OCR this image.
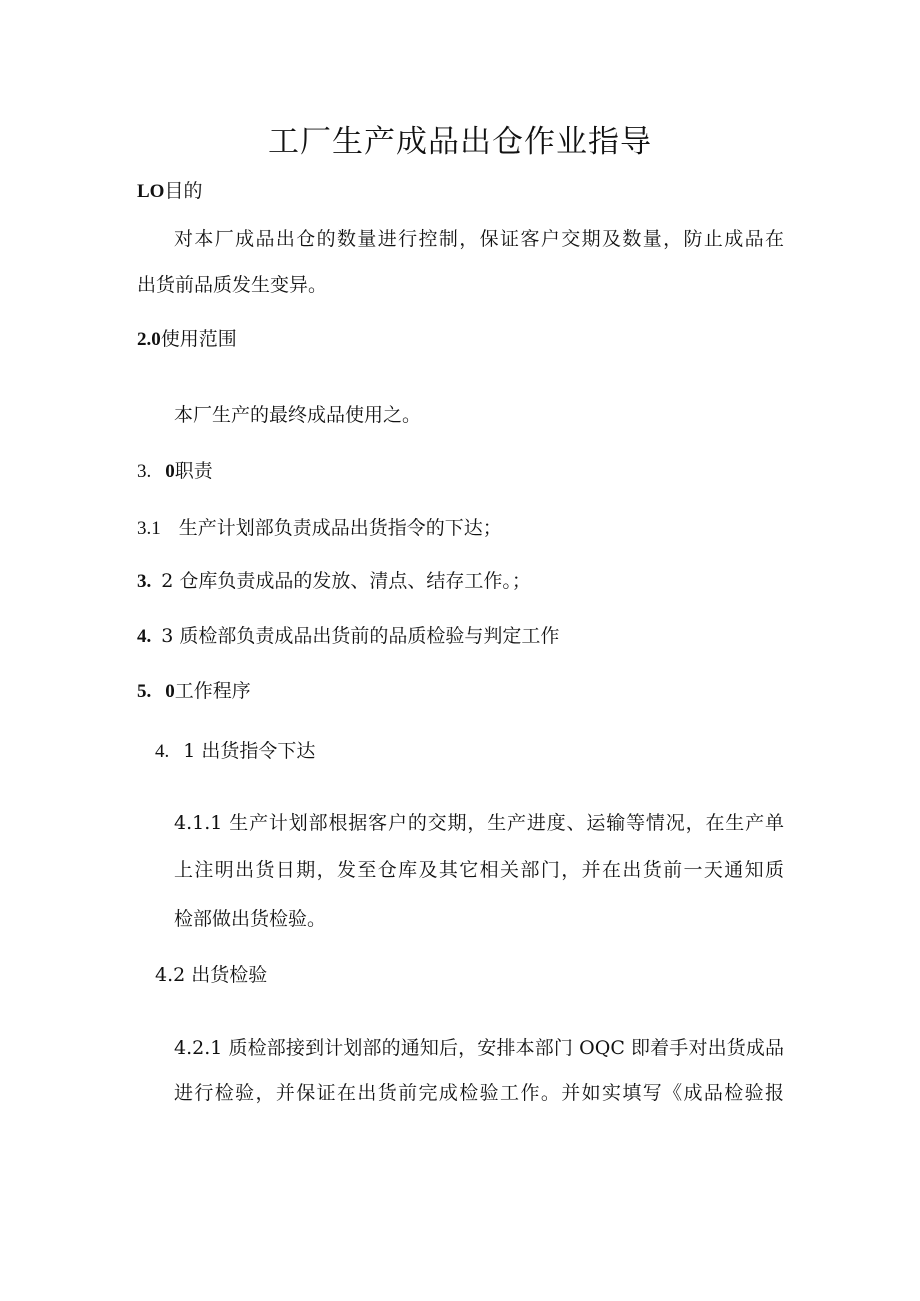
工厂生产成品出仓作业指导
LO目的
对本厂成品出仓的数量进行控制，保证客户交期及数量，防止成品在
出货前品质发生变异。
2.0使用范围
本厂生产的最终成品使用之。
3. 0职责
3.1 生产计划部负责成品出货指令的下达；
3. 2 仓库负责成品的发放、清点、结存工作。；
4. 3 质检部负责成品出货前的品质检验与判定工作
5. 0工作程序
4. 1 出货指令下达
4.1.1 生产计划部根据客户的交期，生产进度、运输等情况，在生产单
上注明出货日期，发至仓库及其它相关部门，并在出货前一天通知质
检部做出货检验。
4.2 出货检验
4.2.1 质检部接到计划部的通知后，安排本部门 OQC 即着手对出货成品
进行检验，并保证在出货前完成检验工作。并如实填写《成品检验报
